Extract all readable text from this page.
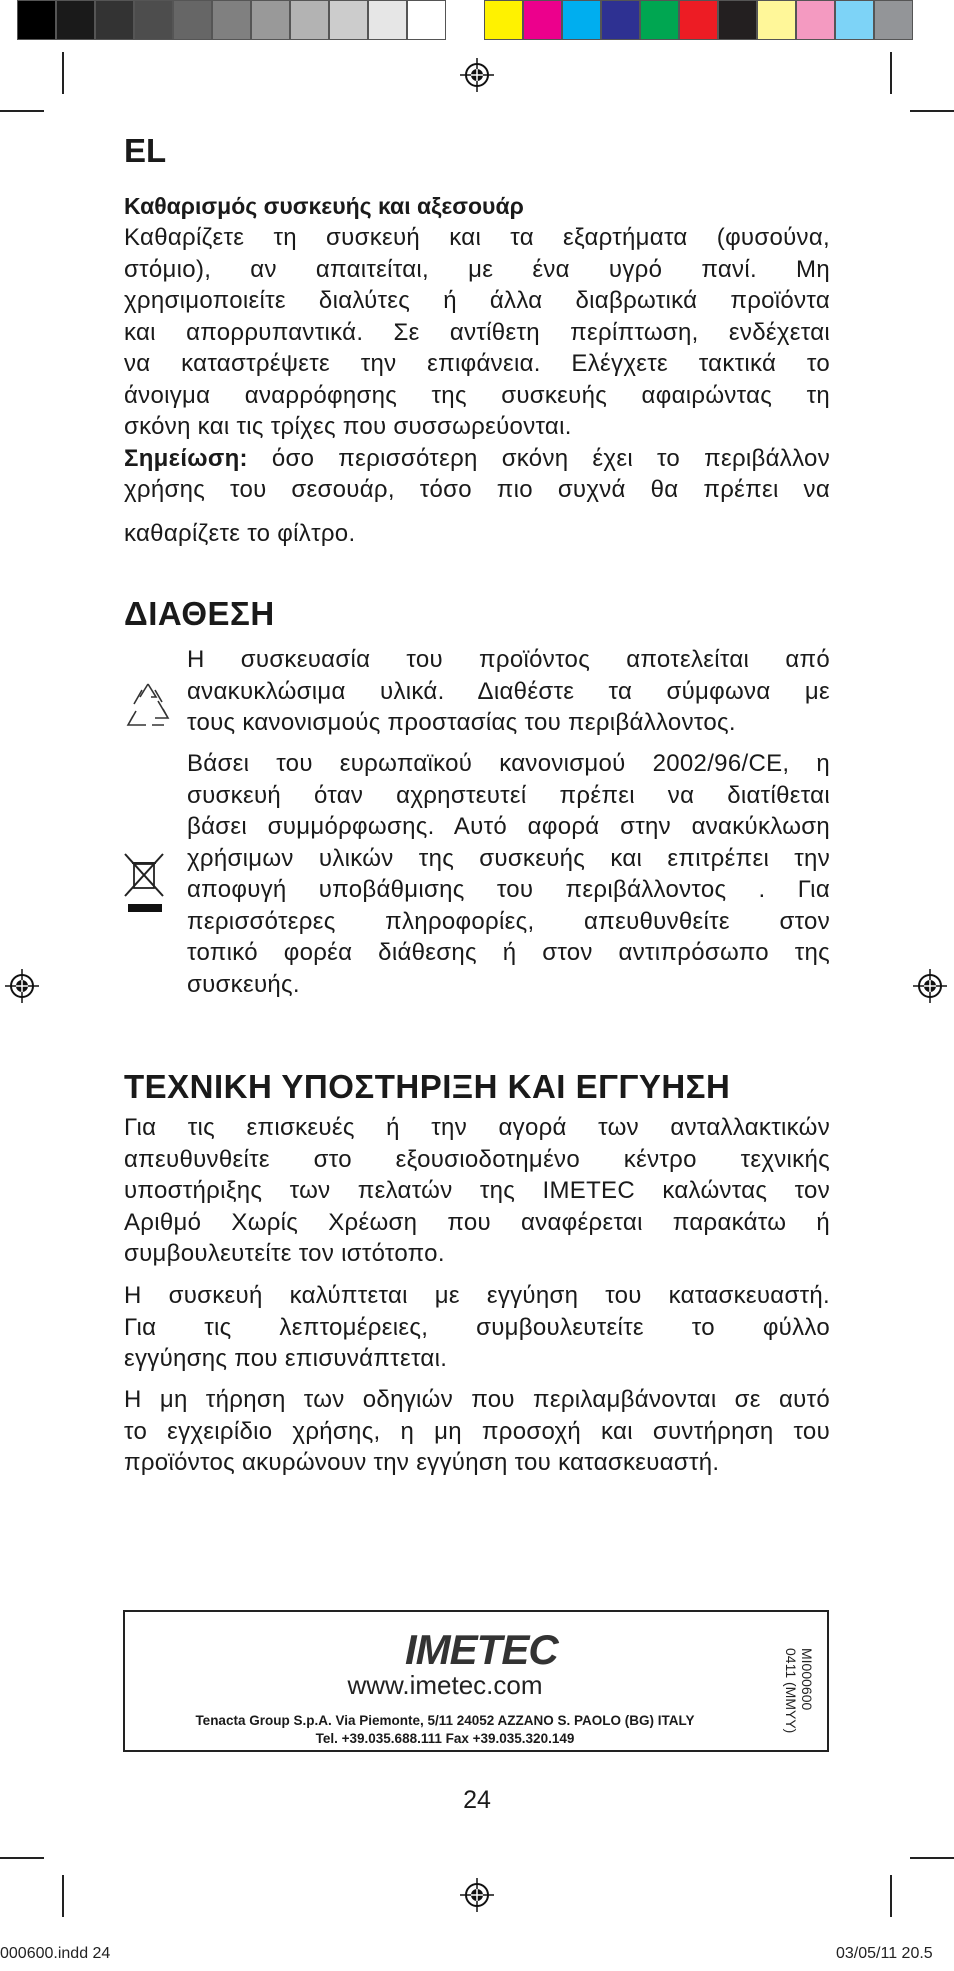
EL

Καθαρισμός συσκευής και αξεσουάρ

Καθαρίζετε τη συσκευή και τα εξαρτήματα (φυσούνα,

στόμιο), αν απαιτείται, με ένα υγρό πανί. Μη

χρησιμοποιείτε διαλύτες ή άλλα διαβρωτικά προϊόντα

και απορρυπαντικά. Σε αντίθετη περίπτωση, ενδέχεται

να καταστρέψετε την επιφάνεια. Ελέγχετε τακτικά το

άνοιγμα αναρρόφησης της συσκευής αφαιρώντας τη

σκόνη και τις τρίχες που συσσωρεύονται.

Σημείωση: όσο περισσότερη σκόνη έχει το περιβάλλον

χρήσης του σεσουάρ, τόσο πιο συχνά θα πρέπει να

καθαρίζετε το φίλτρο.

ΔΙΑΘΕΣΗ

Η συσκευασία του προϊόντος αποτελείται από

ανακυκλώσιμα υλικά. Διαθέστε τα σύμφωνα με

τους κανονισμούς προστασίας του περιβάλλοντος.

Βάσει του ευρωπαϊκού κανονισμού 2002/96/CE, η

συσκευή όταν αχρηστευτεί πρέπει να διατίθεται

βάσει συμμόρφωσης. Αυτό αφορά στην ανακύκλωση

χρήσιμων υλικών της συσκευής και επιτρέπει την

αποφυγή υποβάθμισης του περιβάλλοντος . Για

περισσότερες πληροφορίες, απευθυνθείτε στον

τοπικό φορέα διάθεσης ή στον αντιπρόσωπο της

συσκευής.

ΤΕΧΝΙΚΗ ΥΠΟΣΤΗΡΙΞΗ ΚΑΙ ΕΓΓΥΗΣΗ

Για τις επισκευές ή την αγορά των ανταλλακτικών

απευθυνθείτε στο εξουσιοδοτημένο κέντρο τεχνικής

υποστήριξης των πελατών της IMETEC καλώντας τον

Αριθμό Χωρίς Χρέωση που αναφέρεται παρακάτω ή

συμβουλευτείτε τον ιστότοπο.

Η συσκευή καλύπτεται με εγγύηση του κατασκευαστή.

Για τις λεπτομέρειες, συμβουλευτείτε το φύλλο

εγγύησης που επισυνάπτεται.

Η μη τήρηση των οδηγιών που περιλαμβάνονται σε αυτό

το εγχειρίδιο χρήσης, η μη προσοχή και συντήρηση του

προϊόντος ακυρώνουν την εγγύηση του κατασκευαστή.

IMETEC
www.imetec.com
Tenacta Group S.p.A. Via Piemonte, 5/11 24052 AZZANO S. PAOLO (BG) ITALY
Tel. +39.035.688.111 Fax +39.035.320.149
MI000600
0411 (MMYY)
24
000600.indd 24	03/05/11 20.5
